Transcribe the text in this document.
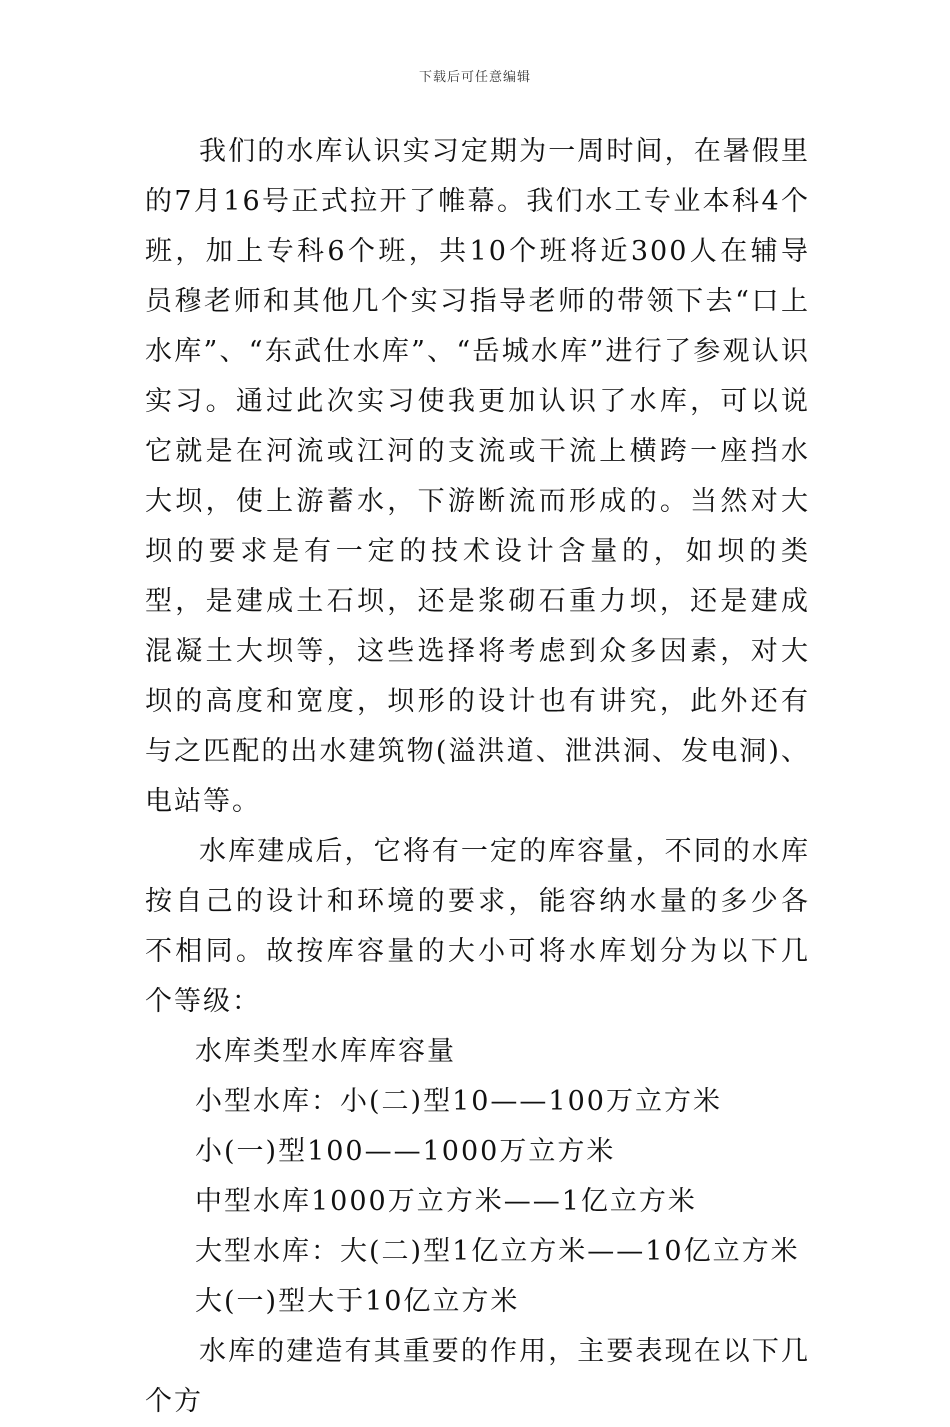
下载后可任意编辑

我们的水库认识实习定期为一周时间，在暑假里的7月16号正式拉开了帷幕。我们水工专业本科4个班，加上专科6个班，共10个班将近300人在辅导员穆老师和其他几个实习指导老师的带领下去“口上水库”、“东武仕水库”、“岳城水库”进行了参观认识实习。通过此次实习使我更加认识了水库，可以说它就是在河流或江河的支流或干流上横跨一座挡水大坝，使上游蓄水，下游断流而形成的。当然对大坝的要求是有一定的技术设计含量的，如坝的类型，是建成土石坝，还是浆砌石重力坝，还是建成混凝土大坝等，这些选择将考虑到众多因素，对大坝的高度和宽度，坝形的设计也有讲究，此外还有与之匹配的出水建筑物(溢洪道、泄洪洞、发电洞)、电站等。

水库建成后，它将有一定的库容量，不同的水库按自己的设计和环境的要求，能容纳水量的多少各不相同。故按库容量的大小可将水库划分为以下几个等级：

水库类型水库库容量

小型水库：小(二)型10——100万立方米

小(一)型100——1000万立方米

中型水库1000万立方米——1亿立方米

大型水库：大(二)型1亿立方米——10亿立方米

大(一)型大于10亿立方米

水库的建造有其重要的作用，主要表现在以下几个方
